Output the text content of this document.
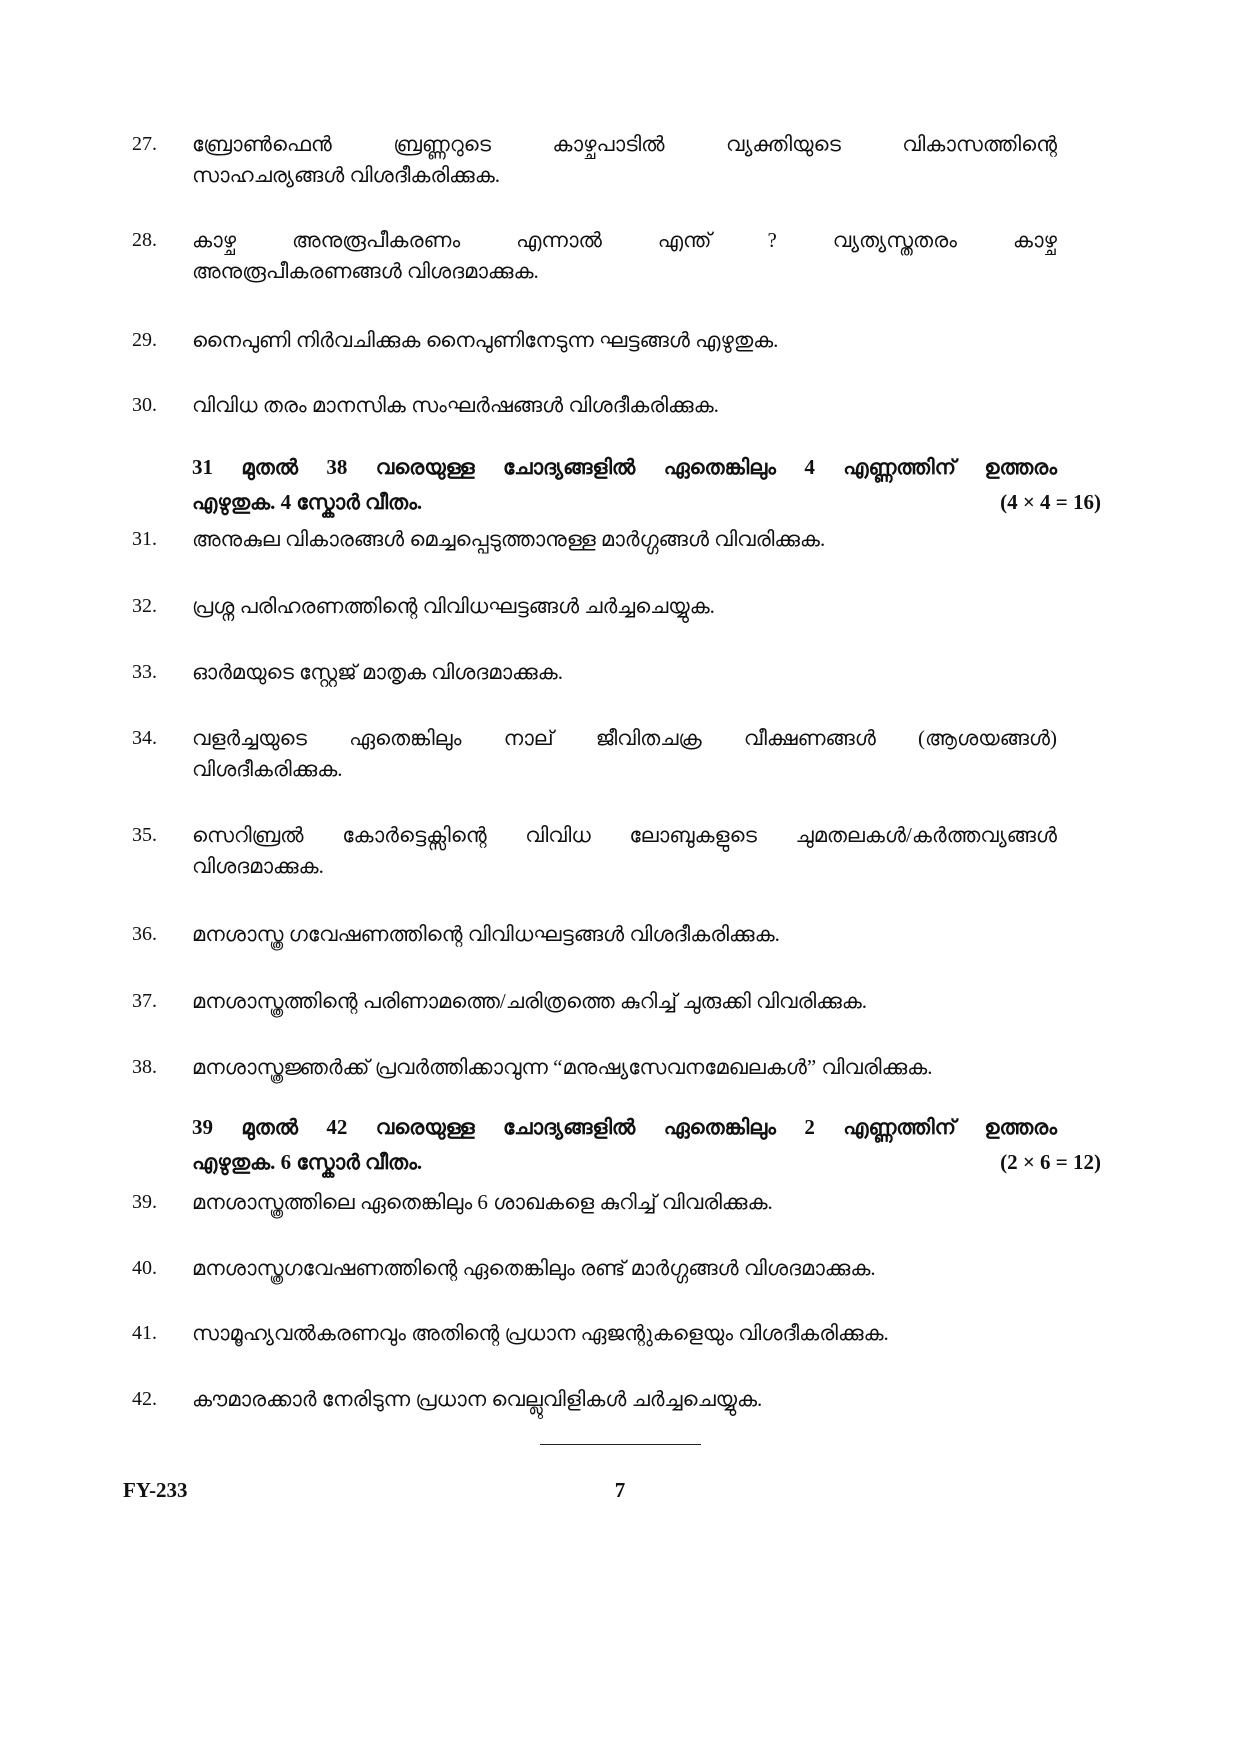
27. ബ്രോൺഫെൻ ബ്രണ്ണറുടെ കാഴ്ചപാടിൽ വ്യക്തിയുടെ വികാസത്തിന്റെ
സാഹചര്യങ്ങൾ വിശദീകരിക്കുക.
28. കാഴ്ച അനുരൂപീകരണം എന്നാൽ എന്ത് ? വ്യത്യസ്തതരം കാഴ്ച
അനുരൂപീകരണങ്ങൾ വിശദമാക്കുക.
29. നൈപുണി നിർവചിക്കുക നൈപുണിനേടുന്ന ഘട്ടങ്ങൾ എഴുതുക.
30. വിവിധ തരം മാനസിക സംഘർഷങ്ങൾ വിശദീകരിക്കുക.
31 മുതൽ 38 വരെയുള്ള ചോദ്യങ്ങളിൽ ഏതെങ്കിലും 4 എണ്ണത്തിന് ഉത്തരം
എഴുതുക. 4 സ്കോർ വീതം.	(4 × 4 = 16)
31. അനുകുല വികാരങ്ങൾ മെച്ചപ്പെടുത്താനുള്ള മാർഗ്ഗങ്ങൾ വിവരിക്കുക.
32. പ്രശ്ന പരിഹരണത്തിന്റെ വിവിധഘട്ടങ്ങൾ ചർച്ചചെയ്യുക.
33. ഓർമയുടെ സ്റ്റേജ് മാതൃക വിശദമാക്കുക.
34. വളർച്ചയുടെ ഏതെങ്കിലും നാല് ജീവിതചക്ര വീക്ഷണങ്ങൾ (ആശയങ്ങൾ)
വിശദീകരിക്കുക.
35. സെറിബ്രൽ കോർട്ടെക്സിന്റെ വിവിധ ലോബുകളുടെ ചുമതലകൾ/കർത്തവ്യങ്ങൾ
വിശദമാക്കുക.
36. മനശാസ്ത്ര ഗവേഷണത്തിന്റെ വിവിധഘട്ടങ്ങൾ വിശദീകരിക്കുക.
37. മനശാസ്ത്രത്തിന്റെ പരിണാമത്തെ/ചരിത്രത്തെ കുറിച്ച് ചുരുക്കി വിവരിക്കുക.
38. മനശാസ്ത്രജ്ഞർക്ക് പ്രവർത്തിക്കാവുന്ന “മനുഷ്യസേവനമേഖലകൾ” വിവരിക്കുക.
39 മുതൽ 42 വരെയുള്ള ചോദ്യങ്ങളിൽ ഏതെങ്കിലും 2 എണ്ണത്തിന് ഉത്തരം
എഴുതുക. 6 സ്കോർ വീതം.	(2 × 6 = 12)
39. മനശാസ്ത്രത്തിലെ ഏതെങ്കിലും 6 ശാഖകളെ കുറിച്ച് വിവരിക്കുക.
40. മനശാസ്ത്രഗവേഷണത്തിന്റെ ഏതെങ്കിലും രണ്ട് മാർഗ്ഗങ്ങൾ വിശദമാക്കുക.
41. സാമൂഹ്യവൽകരണവും അതിന്റെ പ്രധാന ഏജന്റുകളെയും വിശദീകരിക്കുക.
42. കൗമാരക്കാർ നേരിടുന്ന പ്രധാന വെല്ലുവിളികൾ ചർച്ചചെയ്യുക.
FY-233	7
